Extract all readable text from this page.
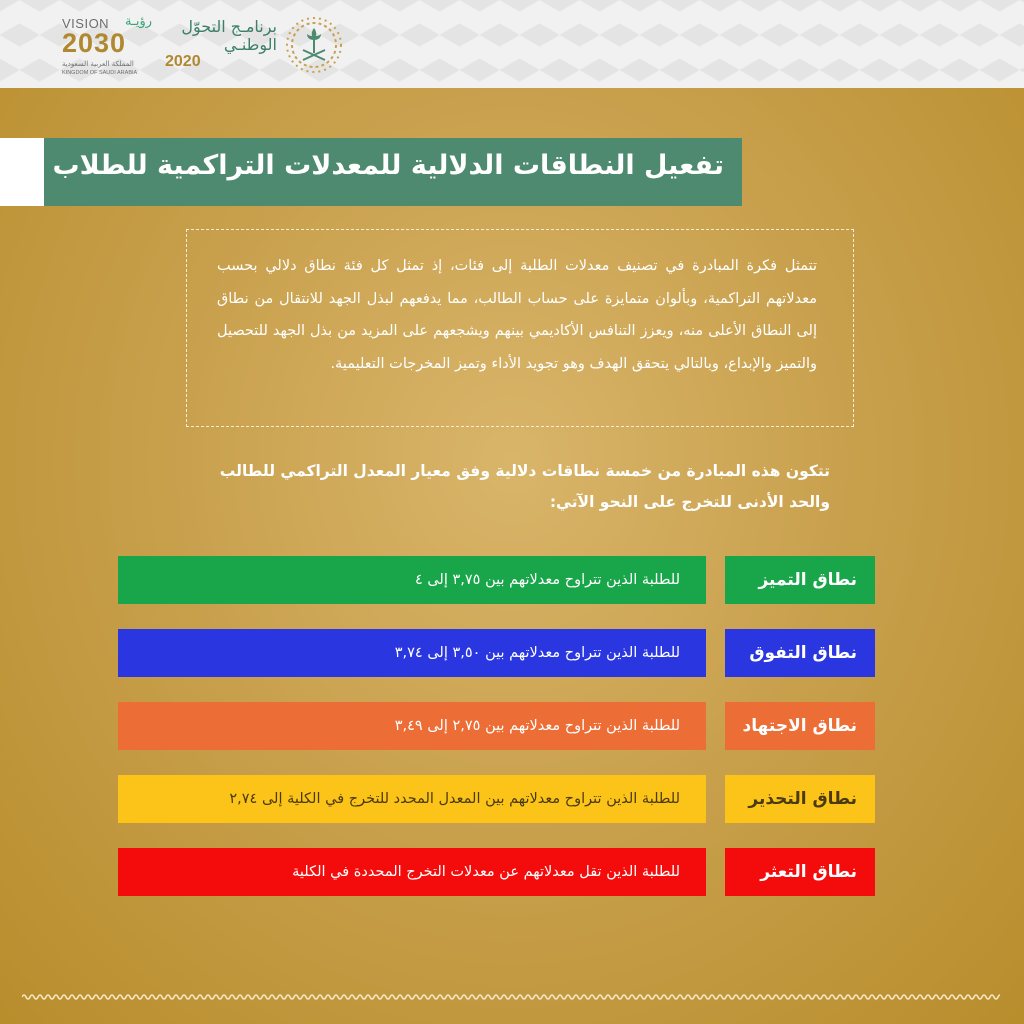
VISION رؤيـة
2030
المملكة العربية السعودية
KINGDOM OF SAUDI ARABIA
برنامـج التحوّل
الوطنـي
2020
تفعيل النطاقات الدلالية للمعدلات التراكمية للطلاب
تتمثل فكرة المبادرة في تصنيف معدلات الطلبة إلى فئات، إذ تمثل كل فئة نطاق دلالي بحسب معدلاتهم التراكمية، وبألوان متمايزة على حساب الطالب، مما يدفعهم لبذل الجهد للانتقال من نطاق إلى النطاق الأعلى منه، ويعزز التنافس الأكاديمي بينهم ويشجعهم على المزيد من بذل الجهد للتحصيل والتميز والإبداع، وبالتالي يتحقق الهدف وهو تجويد الأداء وتميز المخرجات التعليمية.
تتكون هذه المبادرة من خمسة نطاقات دلالية وفق معيار المعدل التراكمي للطالب والحد الأدنى للتخرج على النحو الآتي:
للطلبة الذين تتراوح معدلاتهم بين ٣,٧٥ إلى ٤	نطاق التميز
للطلبة الذين تتراوح معدلاتهم بين ٣,٥٠ إلى ٣,٧٤	نطاق التفوق
للطلبة الذين تتراوح معدلاتهم بين ٢,٧٥ إلى ٣,٤٩	نطاق الاجتهاد
للطلبة الذين تتراوح معدلاتهم بين المعدل المحدد للتخرج في الكلية إلى ٢,٧٤	نطاق التحذير
للطلبة الذين تقل معدلاتهم عن معدلات التخرج المحددة في الكلية	نطاق التعثر
